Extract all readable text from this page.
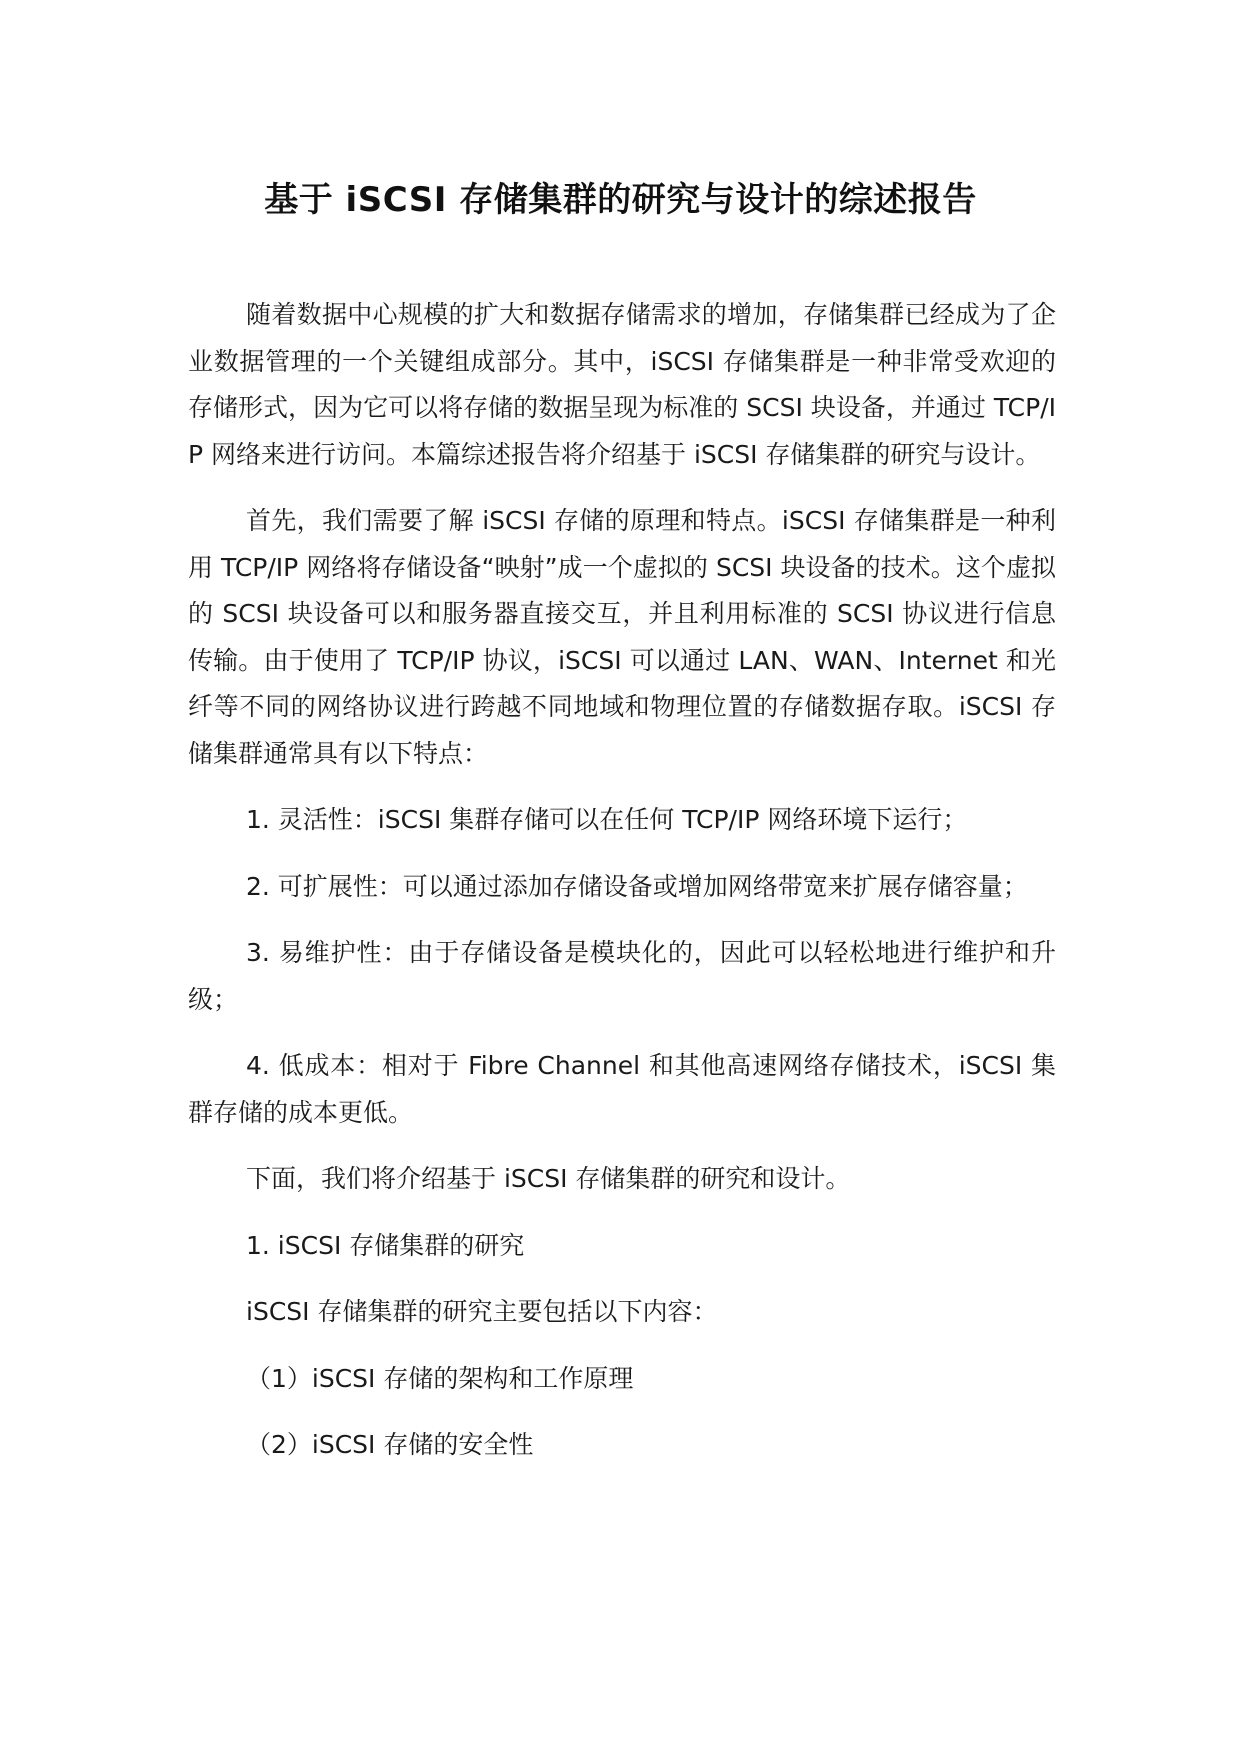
基于 iSCSI 存储集群的研究与设计的综述报告

随着数据中心规模的扩大和数据存储需求的增加，存储集群已经成为了企业数据管理的一个关键组成部分。其中，iSCSI 存储集群是一种非常受欢迎的存储形式，因为它可以将存储的数据呈现为标准的 SCSI 块设备，并通过 TCP/IP 网络来进行访问。本篇综述报告将介绍基于 iSCSI 存储集群的研究与设计。

首先，我们需要了解 iSCSI 存储的原理和特点。iSCSI 存储集群是一种利用 TCP/IP 网络将存储设备“映射”成一个虚拟的 SCSI 块设备的技术。这个虚拟的 SCSI 块设备可以和服务器直接交互，并且利用标准的 SCSI 协议进行信息传输。由于使用了 TCP/IP 协议，iSCSI 可以通过 LAN、WAN、Internet 和光纤等不同的网络协议进行跨越不同地域和物理位置的存储数据存取。iSCSI 存储集群通常具有以下特点：

1. 灵活性：iSCSI 集群存储可以在任何 TCP/IP 网络环境下运行；

2. 可扩展性：可以通过添加存储设备或增加网络带宽来扩展存储容量；

3. 易维护性：由于存储设备是模块化的，因此可以轻松地进行维护和升级；

4. 低成本：相对于 Fibre Channel 和其他高速网络存储技术，iSCSI 集群存储的成本更低。

下面，我们将介绍基于 iSCSI 存储集群的研究和设计。

1. iSCSI 存储集群的研究

iSCSI 存储集群的研究主要包括以下内容：

（1）iSCSI 存储的架构和工作原理

（2）iSCSI 存储的安全性
